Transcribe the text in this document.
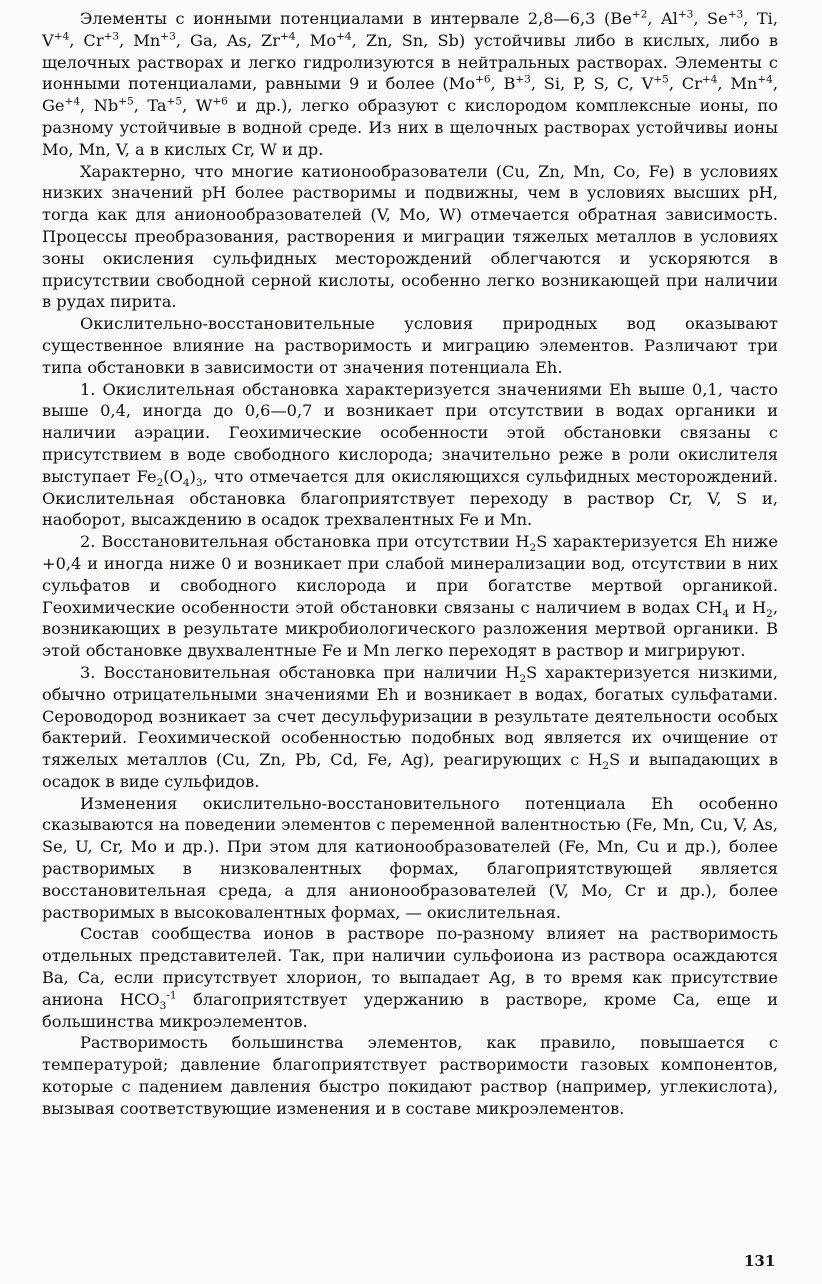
Элементы с ионными потенциалами в интервале 2,8—6,3 ($Be^{+2}$, $Al^{+3}$, $Se^{+3}$, Ti, $V^{+4}$, $Cr^{+3}$, $Mn^{+3}$, Ga, As, $Zr^{+4}$, $Mo^{+4}$, Zn, Sn, Sb) устойчивы либо в кислых, либо в щелочных растворах и легко гидролизуются в нейтральных растворах. Элементы с ионными потенциалами, равными 9 и более ($Mo^{+6}$, $B^{+3}$, Si, P, S, C, $V^{+5}$, $Cr^{+4}$, $Mn^{+4}$, $Ge^{+4}$, $Nb^{+5}$, $Ta^{+5}$, $W^{+6}$ и др.), легко образуют с кислородом комплексные ионы, по разному устойчивые в водной среде. Из них в щелочных растворах устойчивы ионы Mo, Mn, V, а в кислых Cr, W и др.

Характерно, что многие катионообразователи (Cu, Zn, Mn, Co, Fe) в условиях низких значений pH более растворимы и подвижны, чем в условиях высших pH, тогда как для анионообразователей (V, Mo, W) отмечается обратная зависимость. Процессы преобразования, растворения и миграции тяжелых металлов в условиях зоны окисления сульфидных месторождений облегчаются и ускоряются в присутствии свободной серной кислоты, особенно легко возникающей при наличии в рудах пирита.

Окислительно-восстановительные условия природных вод оказывают существенное влияние на растворимость и миграцию элементов. Различают три типа обстановки в зависимости от значения потенциала Eh.

1. Окислительная обстановка характеризуется значениями Eh выше 0,1, часто выше 0,4, иногда до 0,6—0,7 и возникает при отсутствии в водах органики и наличии аэрации. Геохимические особенности этой обстановки связаны с присутствием в воде свободного кислорода; значительно реже в роли окислителя выступает $Fe_2(O_4)_3$, что отмечается для окисляющихся сульфидных месторождений. Окислительная обстановка благоприятствует переходу в раствор Cr, V, S и, наоборот, высаждению в осадок трехвалентных Fe и Mn.

2. Восстановительная обстановка при отсутствии $H_2S$ характеризуется Eh ниже +0,4 и иногда ниже 0 и возникает при слабой минерализации вод, отсутствии в них сульфатов и свободного кислорода и при богатстве мертвой органикой. Геохимические особенности этой обстановки связаны с наличием в водах $CH_4$ и $H_2$, возникающих в результате микробиологического разложения мертвой органики. В этой обстановке двухвалентные Fe и Mn легко переходят в раствор и мигрируют.

3. Восстановительная обстановка при наличии $H_2S$ характеризуется низкими, обычно отрицательными значениями Eh и возникает в водах, богатых сульфатами. Сероводород возникает за счет десульфуризации в результате деятельности особых бактерий. Геохимической особенностью подобных вод является их очищение от тяжелых металлов (Cu, Zn, Pb, Cd, Fe, Ag), реагирующих с $H_2S$ и выпадающих в осадок в виде сульфидов.

Изменения окислительно-восстановительного потенциала Eh особенно сказываются на поведении элементов с переменной валентностью (Fe, Mn, Cu, V, As, Se, U, Cr, Mo и др.). При этом для катионообразователей (Fe, Mn, Cu и др.), более растворимых в низковалентных формах, благоприятствующей является восстановительная среда, а для анионообразователей (V, Mo, Cr и др.), более растворимых в высоковалентных формах, — окислительная.

Состав сообщества ионов в растворе по-разному влияет на растворимость отдельных представителей. Так, при наличии сульфоиона из раствора осаждаются Ba, Ca, если присутствует хлорион, то выпадает Ag, в то время как присутствие аниона $HCO_3^{-1}$ благоприятствует удержанию в растворе, кроме Ca, еще и большинства микроэлементов.

Растворимость большинства элементов, как правило, повышается с температурой; давление благоприятствует растворимости газовых компонентов, которые с падением давления быстро покидают раствор (например, углекислота), вызывая соответствующие изменения и в составе микроэлементов.

131
